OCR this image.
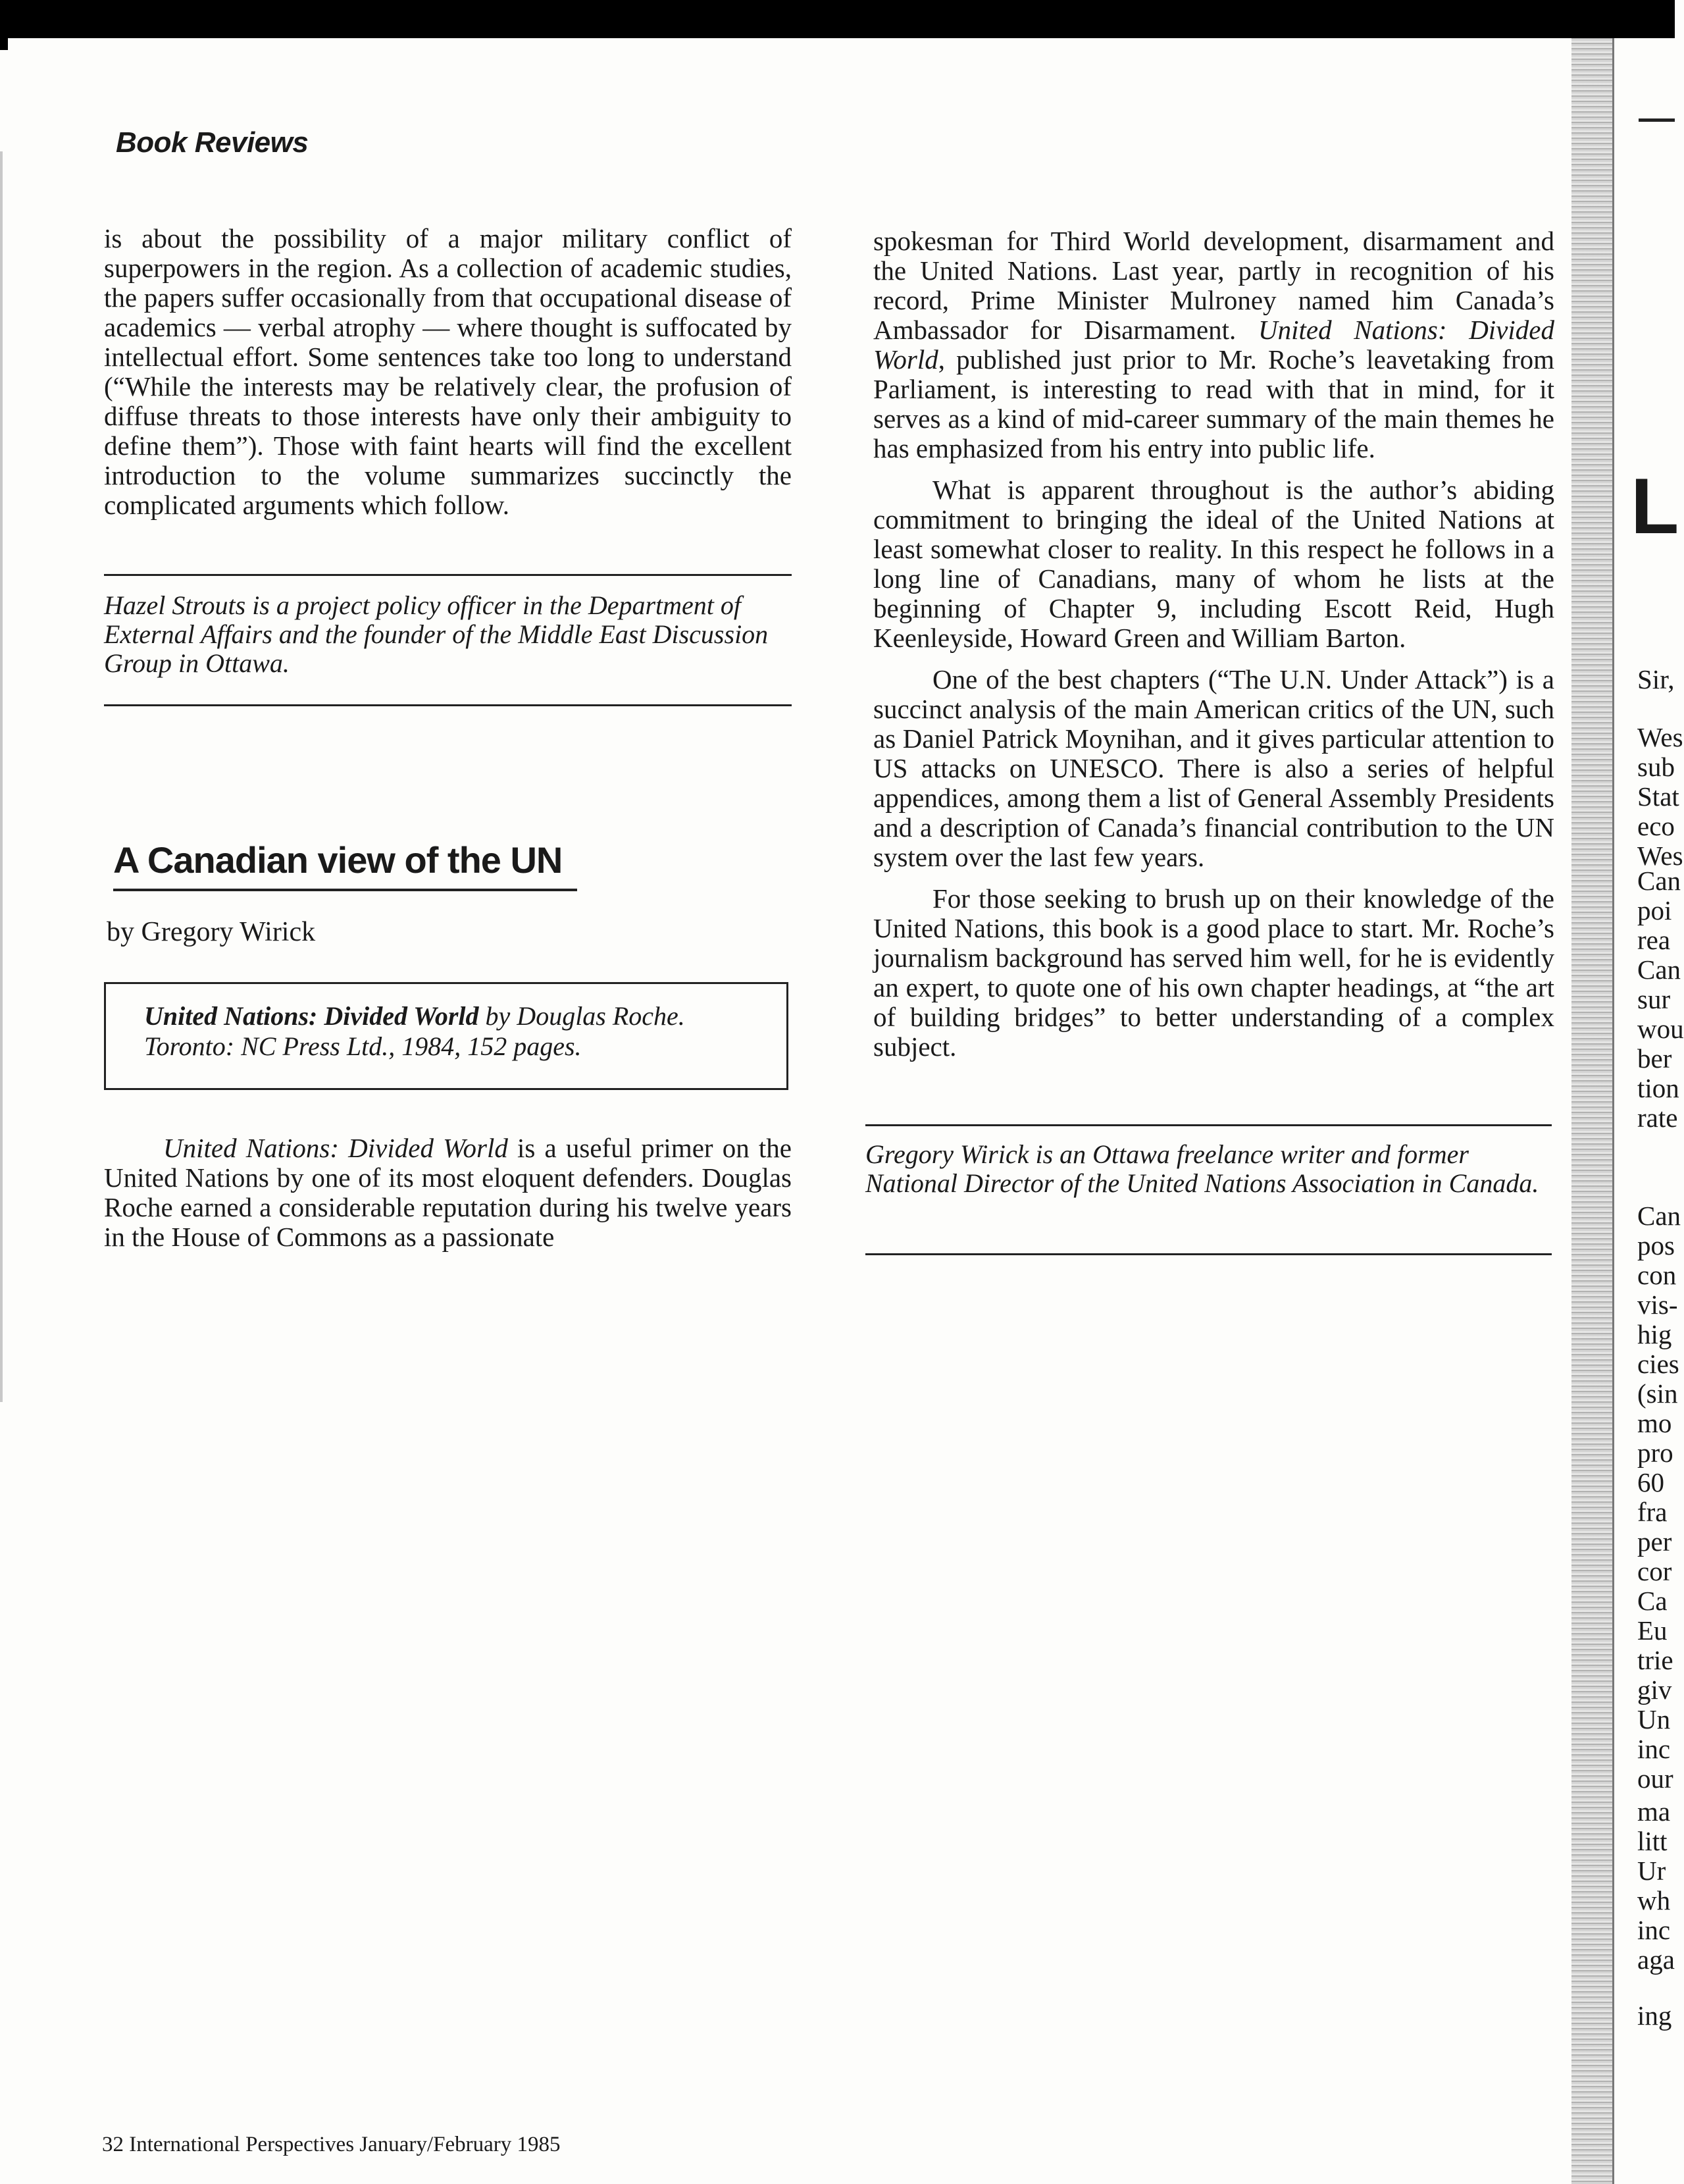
Book Reviews

is about the possibility of a major military conflict of superpowers in the region. As a collection of academic studies, the papers suffer occasionally from that occupational disease of academics — verbal atrophy — where thought is suffocated by intellectual effort. Some sentences take too long to understand (“While the interests may be relatively clear, the profusion of diffuse threats to those interests have only their ambiguity to define them”). Those with faint hearts will find the excellent introduction to the volume summarizes succinctly the complicated arguments which follow.

Hazel Strouts is a project policy officer in the Department of External Affairs and the founder of the Middle East Discussion Group in Ottawa.
A Canadian view of the UN
by Gregory Wirick
United Nations: Divided World by Douglas Roche.
Toronto: NC Press Ltd., 1984, 152 pages.

United Nations: Divided World is a useful primer on the United Nations by one of its most eloquent defenders. Douglas Roche earned a considerable reputation during his twelve years in the House of Commons as a passionate

spokesman for Third World development, disarmament and the United Nations. Last year, partly in recognition of his record, Prime Minister Mulroney named him Canada’s Ambassador for Disarmament. United Nations: Divided World, published just prior to Mr. Roche’s leavetaking from Parliament, is interesting to read with that in mind, for it serves as a kind of mid-career summary of the main themes he has emphasized from his entry into public life.

What is apparent throughout is the author’s abiding commitment to bringing the ideal of the United Nations at least somewhat closer to reality. In this respect he follows in a long line of Canadians, many of whom he lists at the beginning of Chapter 9, including Escott Reid, Hugh Keenleyside, Howard Green and William Barton.

One of the best chapters (“The U.N. Under Attack”) is a succinct analysis of the main American critics of the UN, such as Daniel Patrick Moynihan, and it gives particular attention to US attacks on UNESCO. There is also a series of helpful appendices, among them a list of General Assembly Presidents and a description of Canada’s financial contribution to the UN system over the last few years.

For those seeking to brush up on their knowledge of the United Nations, this book is a good place to start. Mr. Roche’s journalism background has served him well, for he is evidently an expert, to quote one of his own chapter headings, at “the art of building bridges” to better understanding of a complex subject.

Gregory Wirick is an Ottawa freelance writer and former National Director of the United Nations Association in Canada.
32 International Perspectives January/February 1985
L
Sir,
Wes
sub
Stat
eco
Wes
Can
poi
rea
Can
sur
wou
ber
tion
rate
Can
pos
con
vis-
hig
cies
(sin
mo
pro
60
fra
per
cor
Ca
Eu
trie
giv
Un
inc
our
ma
litt
Ur
wh
inc
aga
ing
